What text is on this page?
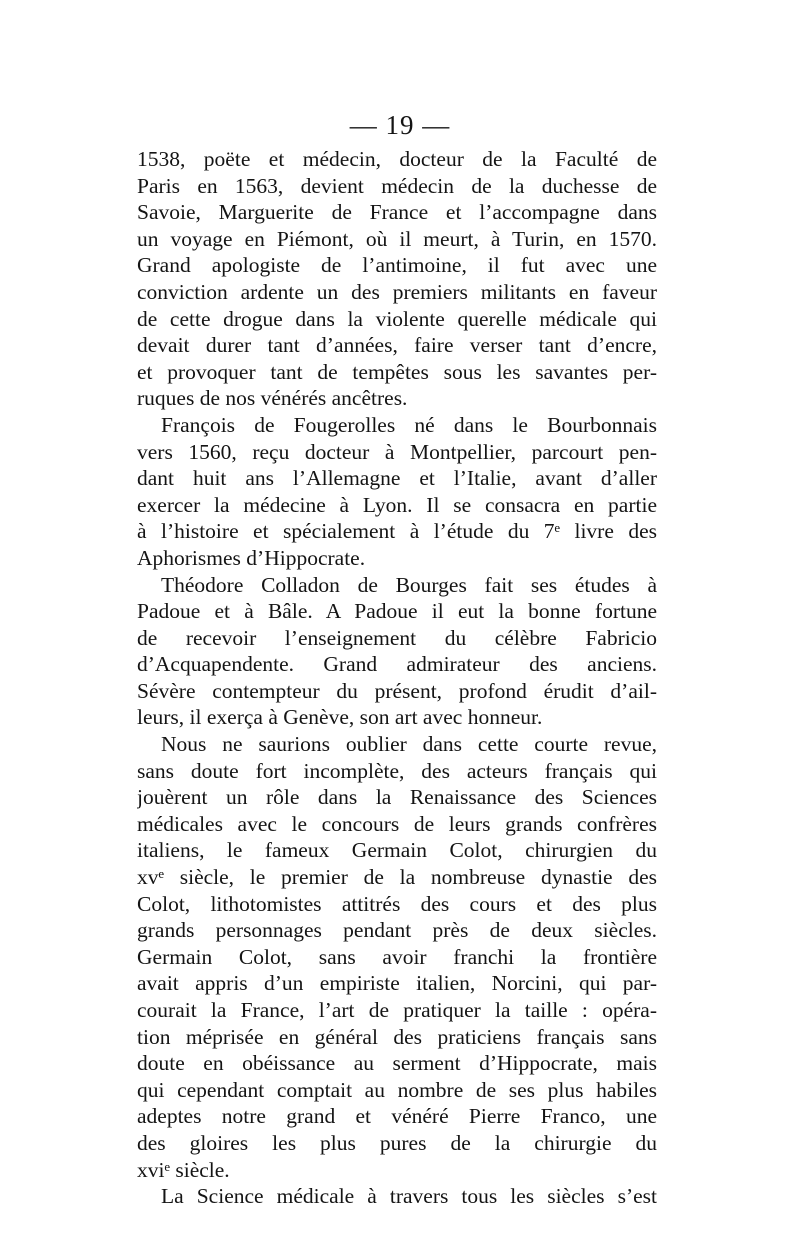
— 19 —
1538, poëte et médecin, docteur de la Faculté de
Paris en 1563, devient médecin de la duchesse de
Savoie, Marguerite de France et l’accompagne dans
un voyage en Piémont, où il meurt, à Turin, en 1570.
Grand apologiste de l’antimoine, il fut avec une
conviction ardente un des premiers militants en faveur
de cette drogue dans la violente querelle médicale qui
devait durer tant d’années, faire verser tant d’encre,
et provoquer tant de tempêtes sous les savantes per-
ruques de nos vénérés ancêtres.
François de Fougerolles né dans le Bourbonnais
vers 1560, reçu docteur à Montpellier, parcourt pen-
dant huit ans l’Allemagne et l’Italie, avant d’aller
exercer la médecine à Lyon. Il se consacra en partie
à l’histoire et spécialement à l’étude du 7ᵉ livre des
Aphorismes d’Hippocrate.
Théodore Colladon de Bourges fait ses études à
Padoue et à Bâle. A Padoue il eut la bonne fortune
de recevoir l’enseignement du célèbre Fabricio
d’Acquapendente. Grand admirateur des anciens.
Sévère contempteur du présent, profond érudit d’ail-
leurs, il exerça à Genève, son art avec honneur.
Nous ne saurions oublier dans cette courte revue,
sans doute fort incomplète, des acteurs français qui
jouèrent un rôle dans la Renaissance des Sciences
médicales avec le concours de leurs grands confrères
italiens, le fameux Germain Colot, chirurgien du
xvᵉ siècle, le premier de la nombreuse dynastie des
Colot, lithotomistes attitrés des cours et des plus
grands personnages pendant près de deux siècles.
Germain Colot, sans avoir franchi la frontière
avait appris d’un empiriste italien, Norcini, qui par-
courait la France, l’art de pratiquer la taille : opéra-
tion méprisée en général des praticiens français sans
doute en obéissance au serment d’Hippocrate, mais
qui cependant comptait au nombre de ses plus habiles
adeptes notre grand et vénéré Pierre Franco, une
des gloires les plus pures de la chirurgie du
xviᵉ siècle.
La Science médicale à travers tous les siècles s’est
